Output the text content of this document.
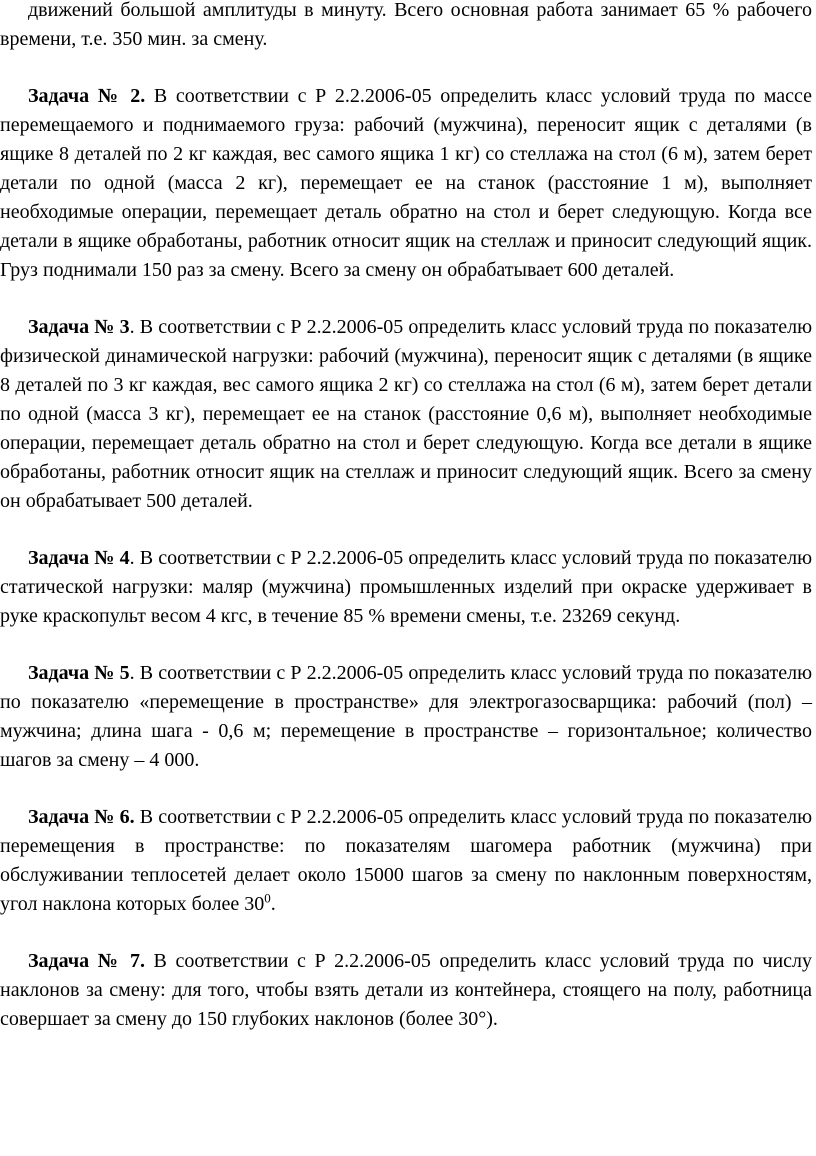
движений большой амплитуды в минуту. Всего основная работа занимает 65 % рабочего времени, т.е. 350 мин. за смену.

Задача № 2. В соответствии с Р 2.2.2006-05 определить класс условий труда по массе перемещаемого и поднимаемого груза: рабочий (мужчина), переносит ящик с деталями (в ящике 8 деталей по 2 кг каждая, вес самого ящика 1 кг) со стеллажа на стол (6 м), затем берет детали по одной (масса 2 кг), перемещает ее на станок (расстояние 1 м), выполняет необходимые операции, перемещает деталь обратно на стол и берет следующую. Когда все детали в ящике обработаны, работник относит ящик на стеллаж и приносит следующий ящик. Груз поднимали 150 раз за смену. Всего за смену он обрабатывает 600 деталей.

Задача № 3. В соответствии с Р 2.2.2006-05 определить класс условий труда по показателю физической динамической нагрузки: рабочий (мужчина), переносит ящик с деталями (в ящике 8 деталей по 3 кг каждая, вес самого ящика 2 кг) со стеллажа на стол (6 м), затем берет детали по одной (масса 3 кг), перемещает ее на станок (расстояние 0,6 м), выполняет необходимые операции, перемещает деталь обратно на стол и берет следующую. Когда все детали в ящике обработаны, работник относит ящик на стеллаж и приносит следующий ящик. Всего за смену он обрабатывает 500 деталей.

Задача № 4. В соответствии с Р 2.2.2006-05 определить класс условий труда по показателю статической нагрузки: маляр (мужчина) промышленных изделий при окраске удерживает в руке краскопульт весом 4 кгс, в течение 85 % времени смены, т.е. 23269 секунд.

Задача № 5. В соответствии с Р 2.2.2006-05 определить класс условий труда по показателю по показателю «перемещение в пространстве» для электрогазосварщика: рабочий (пол) – мужчина; длина шага - 0,6 м; перемещение в пространстве – горизонтальное; количество шагов за смену – 4 000.

Задача № 6. В соответствии с Р 2.2.2006-05 определить класс условий труда по показателю перемещения в пространстве: по показателям шагомера работник (мужчина) при обслуживании теплосетей делает около 15000 шагов за смену по наклонным поверхностям, угол наклона которых более $30^0$.

Задача № 7. В соответствии с Р 2.2.2006-05 определить класс условий труда по числу наклонов за смену: для того, чтобы взять детали из контейнера, стоящего на полу, работница совершает за смену до 150 глубоких наклонов (более 30°).
